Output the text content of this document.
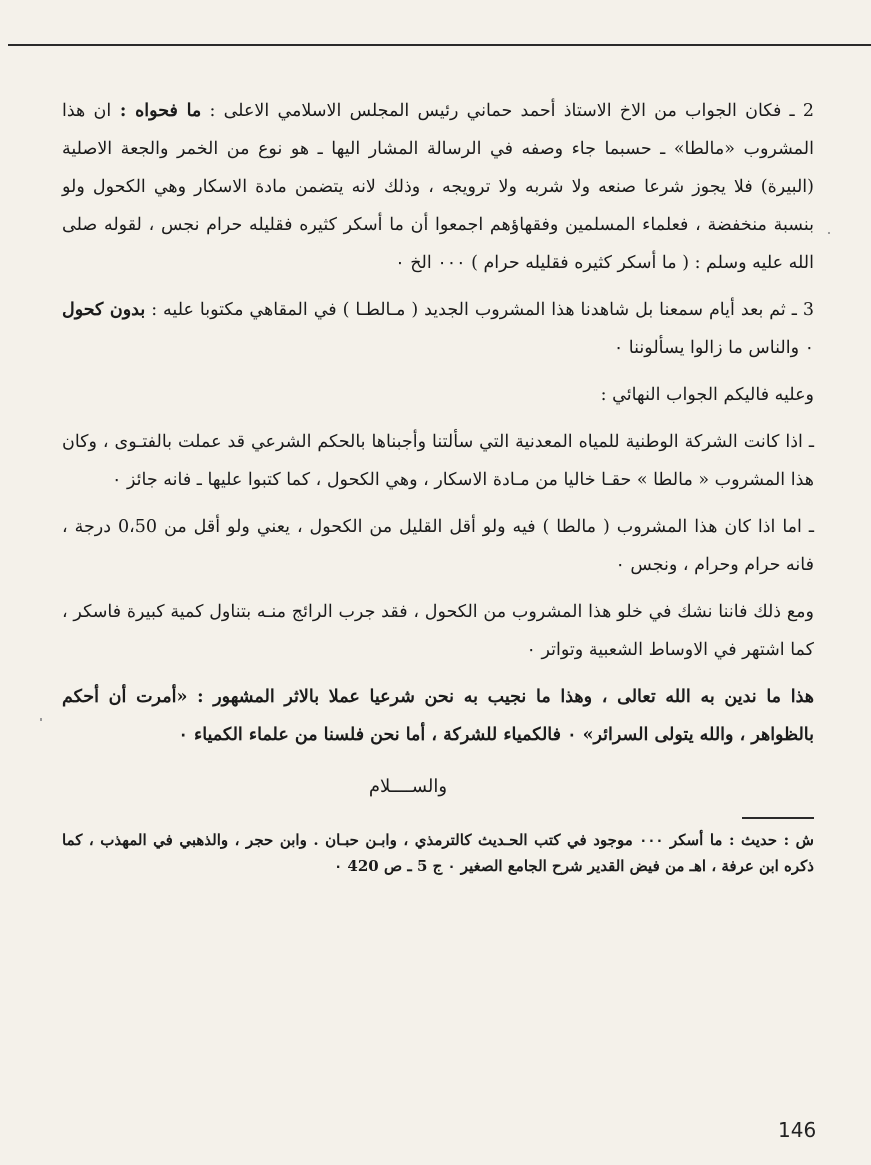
2 ـ فكان الجواب من الاخ الاستاذ أحمد حماني رئيس المجلس الاسلامي الاعلى : ما فحواه : ان هذا المشروب «مالطا» ـ حسبما جاء وصفه في الرسالة المشار اليها ـ هو نوع من الخمر والجعة الاصلية (البيرة) فلا يجوز شرعا صنعه ولا شربه ولا ترويجه ، وذلك لانه يتضمن مادة الاسكار وهي الكحول ولو بنسبة منخفضة ، فعلماء المسلمين وفقهاؤهم اجمعوا أن ما أسكر كثيره فقليله حرام نجس ، لقوله صلى الله عليه وسلم : ( ما أسكر كثيره فقليله حرام ) ٠٠٠ الخ ٠

3 ـ ثم بعد أيام سمعنا بل شاهدنا هذا المشروب الجديد ( مـالطـا ) في المقاهي مكتوبا عليه : بدون كحول ٠ والناس ما زالوا يسألوننا ٠

وعليه فاليكم الجواب النهائي :

ـ اذا كانت الشركة الوطنية للمياه المعدنية التي سألتنا وأجبناها بالحكم الشرعي قد عملت بالفتـوى ، وكان هذا المشروب « مالطا » حقـا خاليا من مـادة الاسكار ، وهي الكحول ، كما كتبوا عليها ـ فانه جائز ٠

ـ اما اذا كان هذا المشروب ( مالطا ) فيه ولو أقل القليل من الكحول ، يعني ولو أقل من 0،50 درجة ، فانه حرام وحرام ، ونجس ٠

ومع ذلك فاننا نشك في خلو هذا المشروب من الكحول ، فقد جرب الرائج منـه بتناول كمية كبيرة فاسكر ، كما اشتهر في الاوساط الشعبية وتواتر ٠

هذا ما ندين به الله تعالى ، وهذا ما نجيب به نحن شرعيا عملا بالاثر المشهور : «أمرت أن أحكم بالظواهر ، والله يتولى السرائر» ٠ فالكمياء للشركة ، أما نحن فلسنا من علماء الكمياء ٠

والســــلام

ش : حديث : ما أسكر ٠٠٠ موجود في كتب الحـديث كالترمذي ، وابـن حبـان . وابن حجر ، والذهبي في المهذب ، كما ذكره ابن عرفة ، اهـ من فيض القدير شرح الجامع الصغير ٠ ج 5 ـ ص 420 ٠

146
